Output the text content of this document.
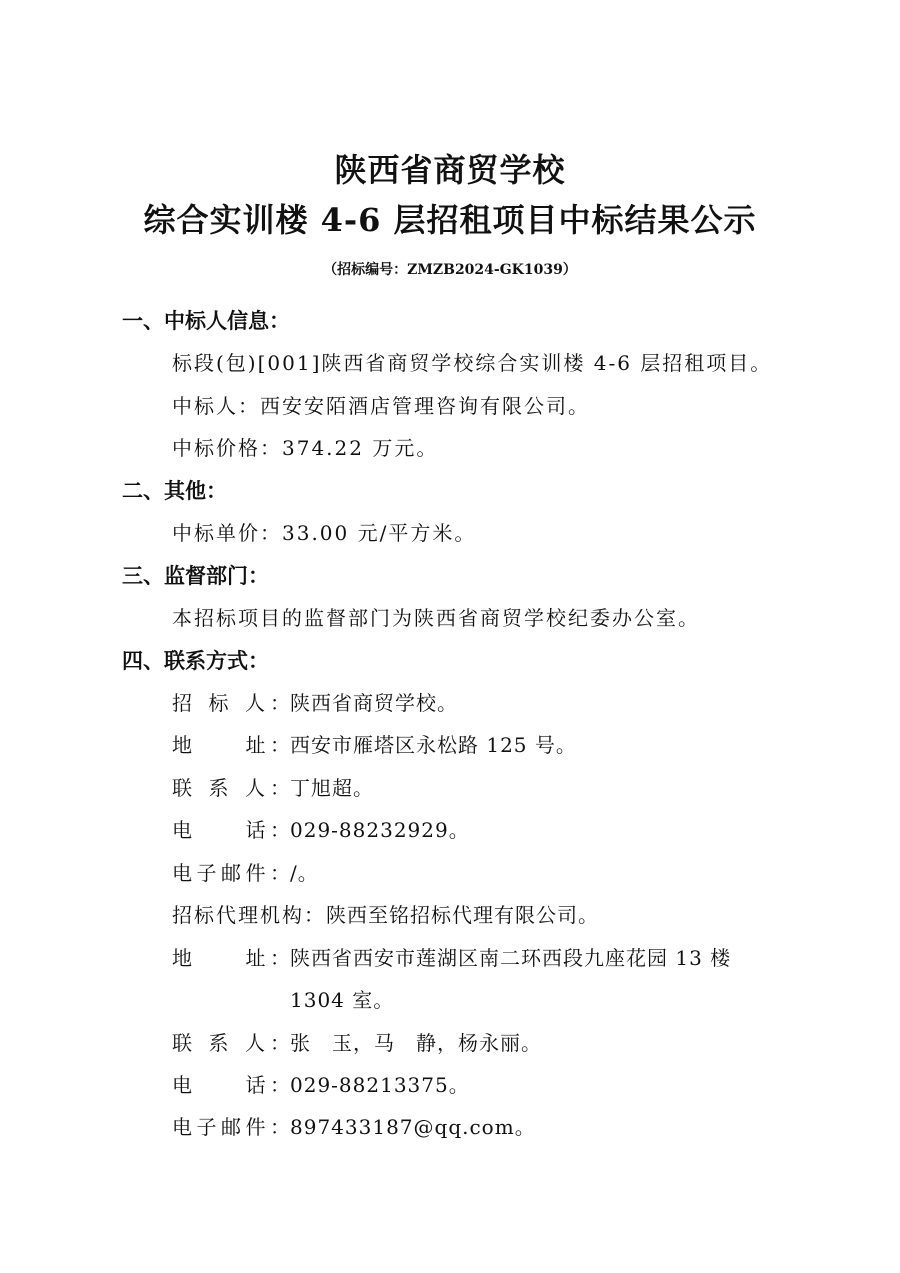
陕西省商贸学校
综合实训楼 4-6 层招租项目中标结果公示
（招标编号：ZMZB2024-GK1039）
一、中标人信息：
标段(包)[001]陕西省商贸学校综合实训楼 4-6 层招租项目。
中标人：西安安陌酒店管理咨询有限公司。
中标价格：374.22 万元。
二、其他：
中标单价：33.00 元/平方米。
三、监督部门：
本招标项目的监督部门为陕西省商贸学校纪委办公室。
四、联系方式：
招 标 人： 陕西省商贸学校。
地　　址： 西安市雁塔区永松路 125 号。
联 系 人： 丁旭超。
电　　话： 029-88232929。
电子邮件： /。
招标代理机构： 陕西至铭招标代理有限公司。
地　　址： 陕西省西安市莲湖区南二环西段九座花园 13 楼
1304 室。
联 系 人： 张　玉，马　静，杨永丽。
电　　话： 029-88213375。
电子邮件： 897433187@qq.com。
